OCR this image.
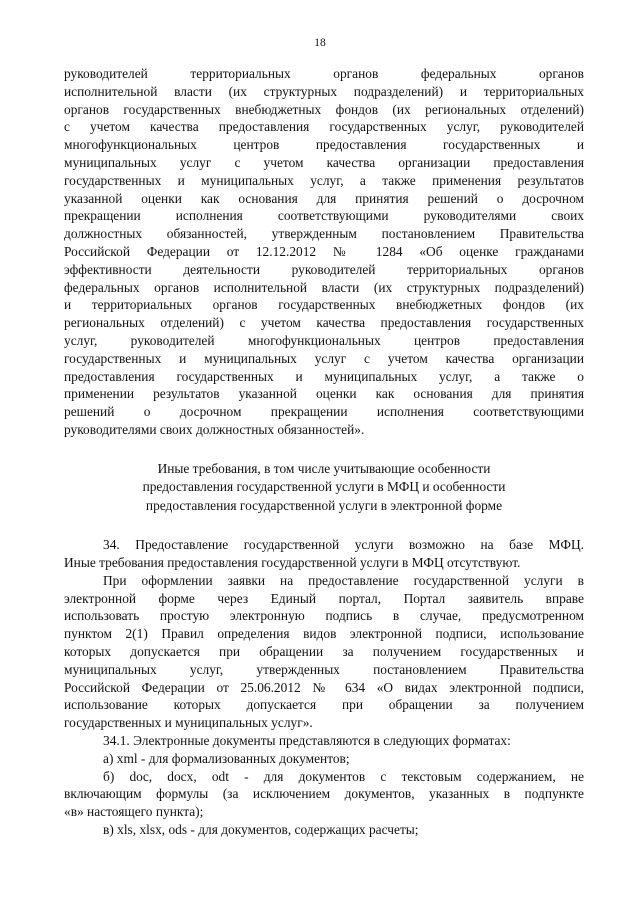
18
руководителей территориальных органов федеральных органов
исполнительной власти (их структурных подразделений) и территориальных
органов государственных внебюджетных фондов (их региональных отделений)
с учетом качества предоставления государственных услуг, руководителей
многофункциональных центров предоставления государственных и
муниципальных услуг с учетом качества организации предоставления
государственных и муниципальных услуг, а также применения результатов
указанной оценки как основания для принятия решений о досрочном
прекращении исполнения соответствующими руководителями своих
должностных обязанностей, утвержденным постановлением Правительства
Российской Федерации от 12.12.2012 № 1284 «Об оценке гражданами
эффективности деятельности руководителей территориальных органов
федеральных органов исполнительной власти (их структурных подразделений)
и территориальных органов государственных внебюджетных фондов (их
региональных отделений) с учетом качества предоставления государственных
услуг, руководителей многофункциональных центров предоставления
государственных и муниципальных услуг с учетом качества организации
предоставления государственных и муниципальных услуг, а также о
применении результатов указанной оценки как основания для принятия
решений о досрочном прекращении исполнения соответствующими
руководителями своих должностных обязанностей».
Иные требования, в том числе учитывающие особенности
предоставления государственной услуги в МФЦ и особенности
предоставления государственной услуги в электронной форме
34. Предоставление государственной услуги возможно на базе МФЦ.
Иные требования предоставления государственной услуги в МФЦ отсутствуют.
При оформлении заявки на предоставление государственной услуги в
электронной форме через Единый портал, Портал заявитель вправе
использовать простую электронную подпись в случае, предусмотренном
пунктом 2(1) Правил определения видов электронной подписи, использование
которых допускается при обращении за получением государственных и
муниципальных услуг, утвержденных постановлением Правительства
Российской Федерации от 25.06.2012 № 634 «О видах электронной подписи,
использование которых допускается при обращении за получением
государственных и муниципальных услуг».
34.1. Электронные документы представляются в следующих форматах:
а) xml - для формализованных документов;
б) doc, docx, odt - для документов с текстовым содержанием, не
включающим формулы (за исключением документов, указанных в подпункте
«в» настоящего пункта);
в) xls, xlsx, ods - для документов, содержащих расчеты;
